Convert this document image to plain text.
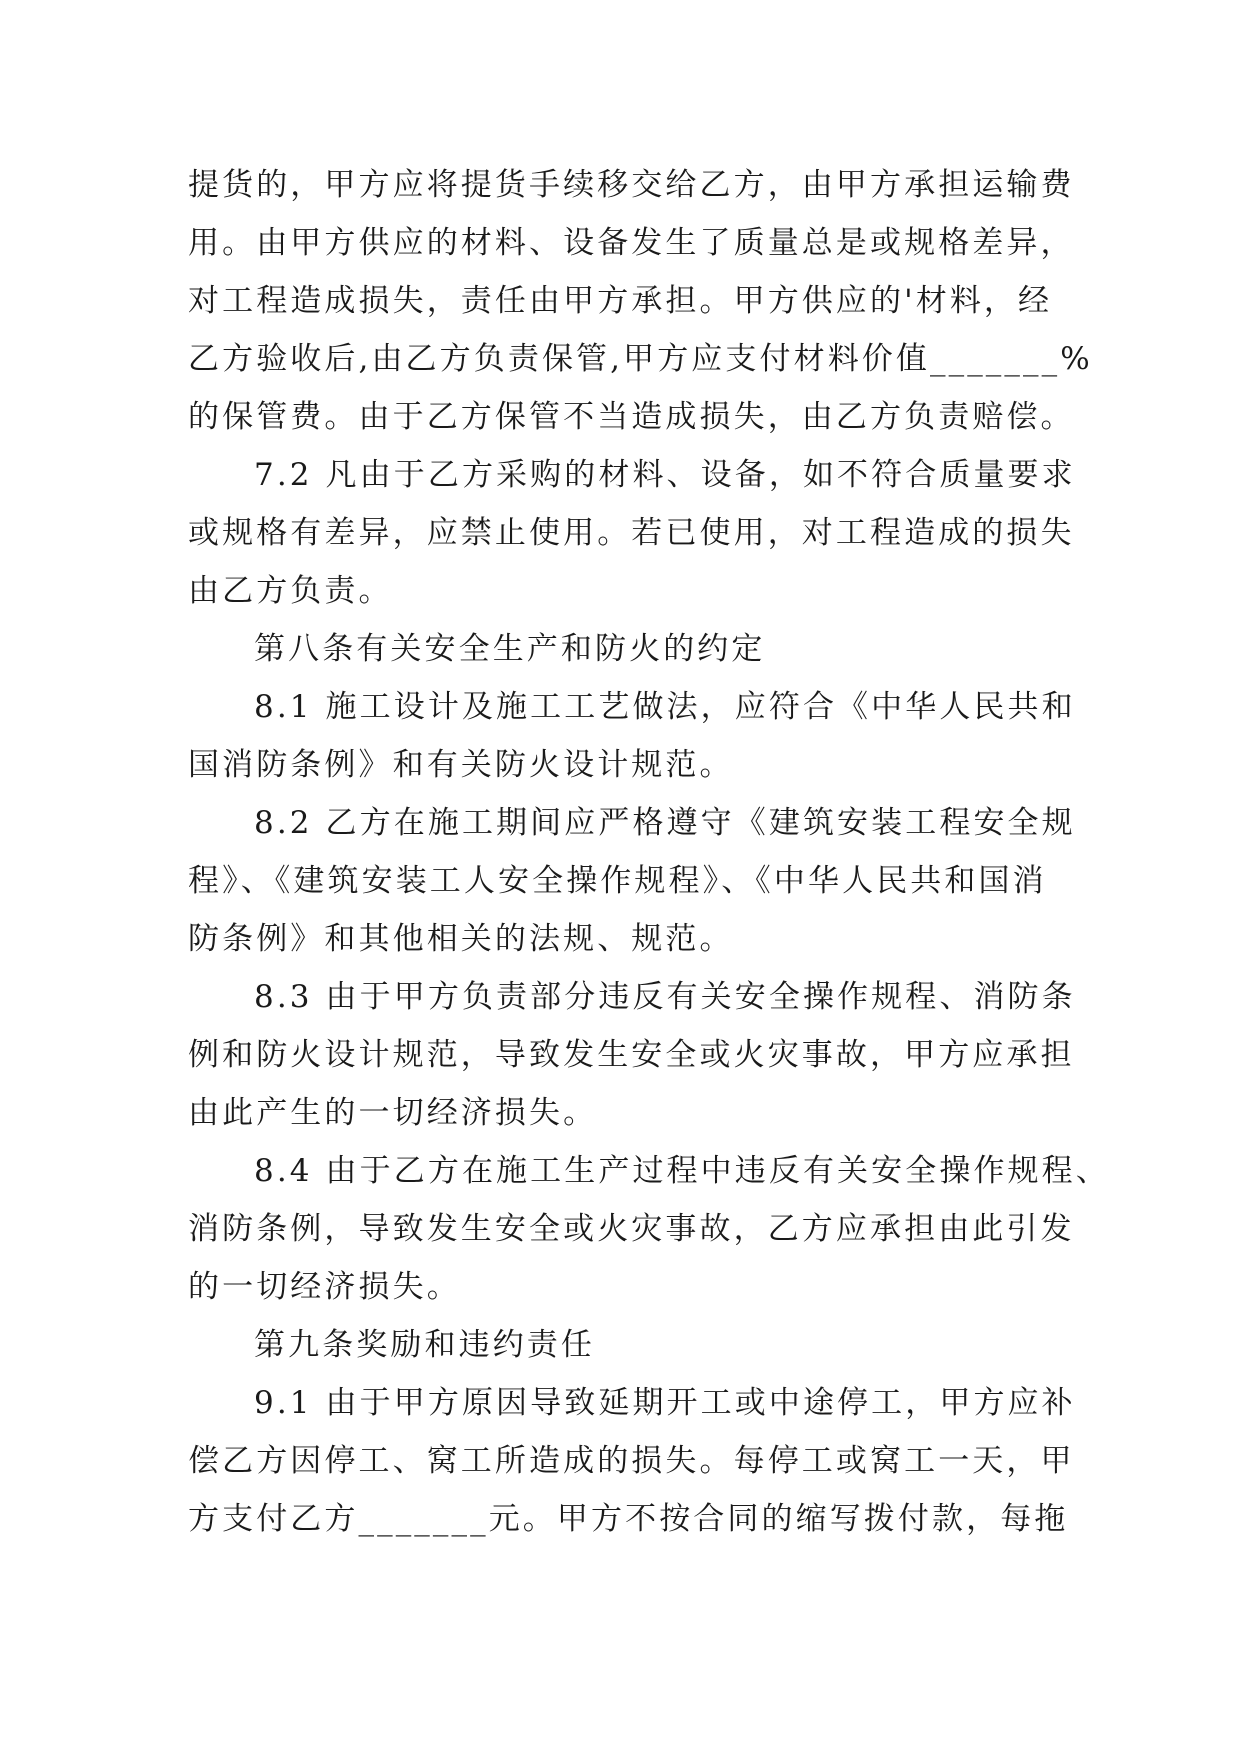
提货的，甲方应将提货手续移交给乙方，由甲方承担运输费
用。由甲方供应的材料、设备发生了质量总是或规格差异，
对工程造成损失，责任由甲方承担。甲方供应的'材料，经
乙方验收后,由乙方负责保管,甲方应支付材料价值_______%
的保管费。由于乙方保管不当造成损失，由乙方负责赔偿。
7.2 凡由于乙方采购的材料、设备，如不符合质量要求
或规格有差异，应禁止使用。若已使用，对工程造成的损失
由乙方负责。
第八条有关安全生产和防火的约定
8.1 施工设计及施工工艺做法，应符合《中华人民共和
国消防条例》和有关防火设计规范。
8.2 乙方在施工期间应严格遵守《建筑安装工程安全规
程》、《建筑安装工人安全操作规程》、《中华人民共和国消
防条例》和其他相关的法规、规范。
8.3 由于甲方负责部分违反有关安全操作规程、消防条
例和防火设计规范，导致发生安全或火灾事故，甲方应承担
由此产生的一切经济损失。
8.4 由于乙方在施工生产过程中违反有关安全操作规程、
消防条例，导致发生安全或火灾事故，乙方应承担由此引发
的一切经济损失。
第九条奖励和违约责任
9.1 由于甲方原因导致延期开工或中途停工，甲方应补
偿乙方因停工、窝工所造成的损失。每停工或窝工一天，甲
方支付乙方_______元。甲方不按合同的缩写拨付款，每拖
